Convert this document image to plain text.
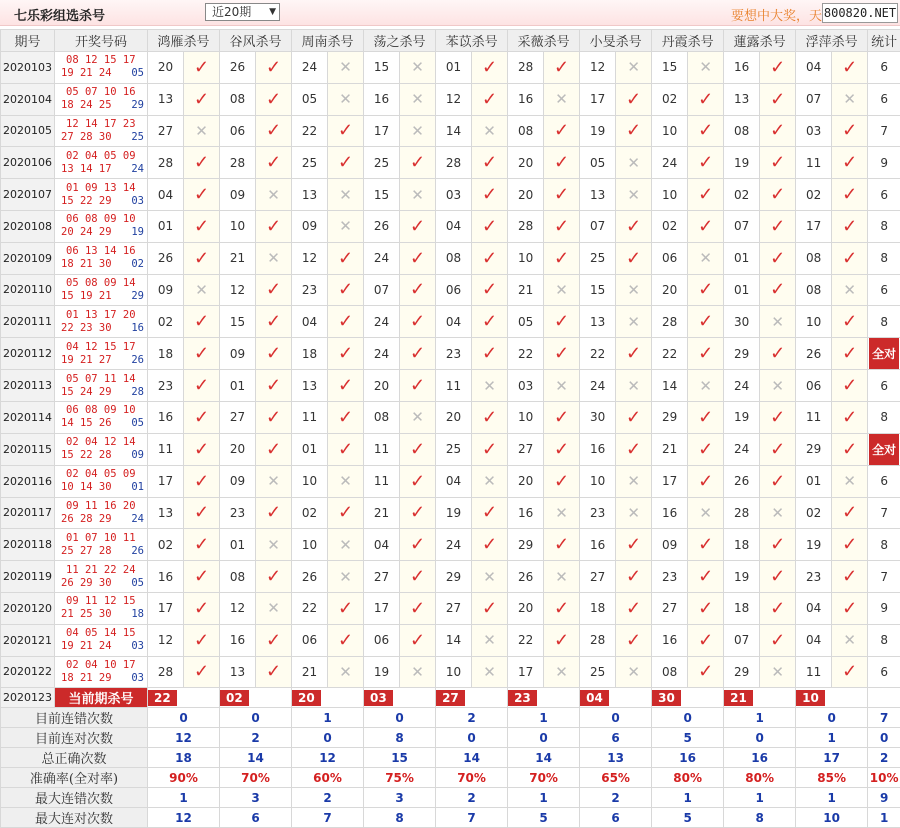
七乐彩组选杀号	近20期 ▼	要想中大奖，天 800820.NET
期号	开奖号码	鸿雁杀号		谷风杀号		周南杀号		荡之杀号		苯苡杀号		采薇杀号		小旻杀号		丹霞杀号		蓮露杀号		浮萍杀号		统计
2020103	08 12 15 17
19 21 24 05	20	✓	26	✓	24	✕	15	✕	01	✓	28	✓	12	✕	15	✕	16	✓	04	✓	6
2020104	05 07 10 16
18 24 25 29	13	✓	08	✓	05	✕	16	✕	12	✓	16	✕	17	✓	02	✓	13	✓	07	✕	6
2020105	12 14 17 23
27 28 30 25	27	✕	06	✓	22	✓	17	✕	14	✕	08	✓	19	✓	10	✓	08	✓	03	✓	7
2020106	02 04 05 09
13 14 17 24	28	✓	28	✓	25	✓	25	✓	28	✓	20	✓	05	✕	24	✓	19	✓	11	✓	9
2020107	01 09 13 14
15 22 29 03	04	✓	09	✕	13	✕	15	✕	03	✓	20	✓	13	✕	10	✓	02	✓	02	✓	6
2020108	06 08 09 10
20 24 29 19	01	✓	10	✓	09	✕	26	✓	04	✓	28	✓	07	✓	02	✓	07	✓	17	✓	8
2020109	06 13 14 16
18 21 30 02	26	✓	21	✕	12	✓	24	✓	08	✓	10	✓	25	✓	06	✕	01	✓	08	✓	8
2020110	05 08 09 14
15 19 21 29	09	✕	12	✓	23	✓	07	✓	06	✓	21	✕	15	✕	20	✓	01	✓	08	✕	6
2020111	01 13 17 20
22 23 30 16	02	✓	15	✓	04	✓	24	✓	04	✓	05	✓	13	✕	28	✓	30	✕	10	✓	8
2020112	04 12 15 17
19 21 27 26	18	✓	09	✓	18	✓	24	✓	23	✓	22	✓	22	✓	22	✓	29	✓	26	✓	全对
2020113	05 07 11 14
15 24 29 28	23	✓	01	✓	13	✓	20	✓	11	✕	03	✕	24	✕	14	✕	24	✕	06	✓	6
2020114	06 08 09 10
14 15 26 05	16	✓	27	✓	11	✓	08	✕	20	✓	10	✓	30	✓	29	✓	19	✓	11	✓	8
2020115	02 04 12 14
15 22 28 09	11	✓	20	✓	01	✓	11	✓	25	✓	27	✓	16	✓	21	✓	24	✓	29	✓	全对
2020116	02 04 05 09
10 14 30 01	17	✓	09	✕	10	✕	11	✓	04	✕	20	✓	10	✕	17	✓	26	✓	01	✕	6
2020117	09 11 16 20
26 28 29 24	13	✓	23	✓	02	✓	21	✓	19	✓	16	✕	23	✕	16	✕	28	✕	02	✓	7
2020118	01 07 10 11
25 27 28 26	02	✓	01	✕	10	✕	04	✓	24	✓	29	✓	16	✓	09	✓	18	✓	19	✓	8
2020119	11 21 22 24
26 29 30 05	16	✓	08	✓	26	✕	27	✓	29	✕	26	✕	27	✓	23	✓	19	✓	23	✓	7
2020120	09 11 12 15
21 25 30 18	17	✓	12	✕	22	✓	17	✓	27	✓	20	✓	18	✓	27	✓	18	✓	04	✓	9
2020121	04 05 14 15
19 21 24 03	12	✓	16	✓	06	✓	06	✓	14	✕	22	✓	28	✓	16	✓	07	✓	04	✕	8
2020122	02 04 10 17
18 21 29 03	28	✓	13	✓	21	✕	19	✕	10	✕	17	✕	25	✕	08	✓	29	✕	11	✓	6
2020123	当前期杀号	22		02		20		03		27		23		04		30		21		10		
目前连错次数		0		0		1		0		2		1		0		0		1		0		7
目前连对次数		12		2		0		8		0		0		6		5		0		1		0
总正确次数		18		14		12		15		14		14		13		16		16		17		2
准确率(全对率)		90%		70%		60%		75%		70%		70%		65%		80%		80%		85%		10%
最大连错次数		1		3		2		3		2		1		2		1		1		1		9
最大连对次数		12		6		7		8		7		5		6		5		8		10		1
